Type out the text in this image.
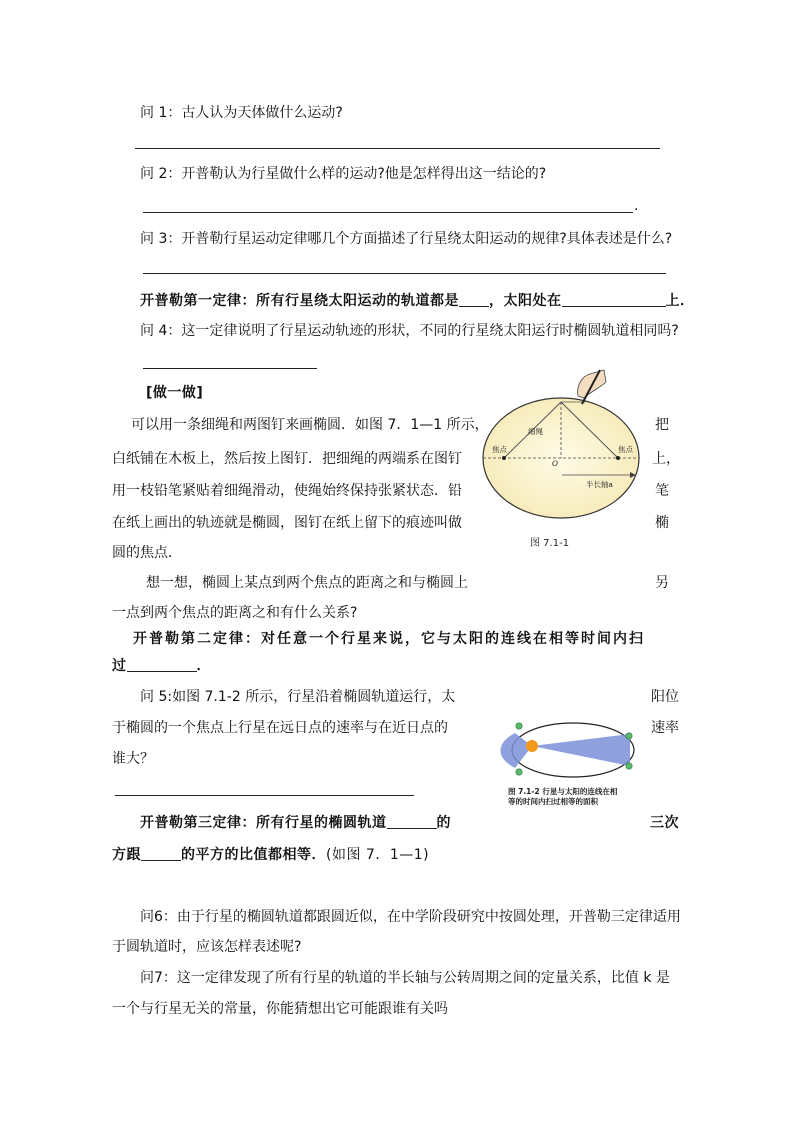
问 1：古人认为天体做什么运动?
问 2：开普勒认为行星做什么样的运动?他是怎样得出这一结论的?
.
问 3：开普勒行星运动定律哪几个方面描述了行星绕太阳运动的规律?具体表述是什么?
开普勒第一定律：所有行星绕太阳运动的轨道都是 ，太阳处在	上．
问 4：这一定律说明了行星运动轨迹的形状，不同的行星绕太阳运行时椭圆轨道相同吗?
[做一做]
可以用一条细绳和两图钉来画椭圆．如图 7．1—1 所示，	把
白纸铺在木板上，然后按上图钉．把细绳的两端系在图钉	上，
用一枝铅笔紧贴着细绳滑动，使绳始终保持张紧状态．铅	笔
在纸上画出的轨迹就是椭圆，图钉在纸上留下的痕迹叫做	椭
圆的焦点．
细绳
焦点	焦点
O
半长轴a
图 7.1-1
想一想，椭圆上某点到两个焦点的距离之和与椭圆上	另
一点到两个焦点的距离之和有什么关系?
开普勒第二定律：对任意一个行星来说，它与太阳的连线在相等时间内扫
过	．
问 5:如图 7.1-2 所示，行星沿着椭圆轨道运行，太	阳位
于椭圆的一个焦点上行星在远日点的速率与在近日点的	速率
谁大？
图 7.1-2 行星与太阳的连线在相
等的时间内扫过相等的面积
开普勒第三定律：所有行星的椭圆轨道	的	三次
方跟	的平方的比值都相等．(如图 7．1—1)
问6：由于行星的椭圆轨道都跟圆近似，在中学阶段研究中按圆处理，开普勒三定律适用
于圆轨道时，应该怎样表述呢?
问7：这一定律发现了所有行星的轨道的半长轴与公转周期之间的定量关系，比值 k 是
一个与行星无关的常量，你能猜想出它可能跟谁有关吗
